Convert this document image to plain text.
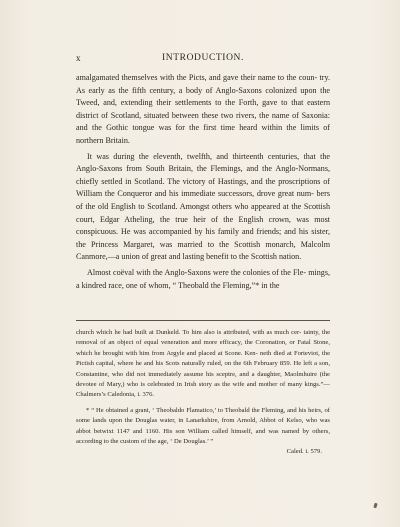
x	INTRODUCTION.

amalgamated themselves with the Picts, and gave their name to the coun- try. As early as the fifth century, a body of Anglo-Saxons colonized upon the Tweed, and, extending their settlements to the Forth, gave to that eastern district of Scotland, situated between these two rivers, the name of Saxonia: and the Gothic tongue was for the first time heard within the limits of northern Britain.

It was during the eleventh, twelfth, and thirteenth centuries, that the Anglo-Saxons from South Britain, the Flemings, and the Anglo-Normans, chiefly settled in Scotland. The victory of Hastings, and the proscriptions of William the Conqueror and his immediate successors, drove great num- bers of the old English to Scotland. Amongst others who appeared at the Scottish court, Edgar Atheling, the true heir of the English crown, was most conspicuous. He was accompanied by his family and friends; and his sister, the Princess Margaret, was married to the Scottish monarch, Malcolm Canmore,—a union of great and lasting benefit to the Scottish nation.

Almost coëval with the Anglo-Saxons were the colonies of the Fle- mings, a kindred race, one of whom, “ Theobald the Fleming,”* in the

church which he had built at Dunkeld. To him also is attributed, with as much cer- tainty, the removal of an object of equal veneration and more efficacy, the Coronation, or Fatal Stone, which he brought with him from Argyle and placed at Scone. Ken- neth died at Forteviot, the Pictish capital, where he and his Scots naturally ruled, on the 6th February 859. He left a son, Constantine, who did not immediately assume his sceptre, and a daughter, Maolmhuire (the devotee of Mary,) who is celebrated in Irish story as the wife and mother of many kings.”—Chalmers’s Caledonia, i. 376.

* “ He obtained a grant, ‘ Theobaldo Flamatico,’ to Theobald the Fleming, and his heirs, of some lands upon the Douglas water, in Lanarkshire, from Arnold, Abbot of Kelso, who was abbot betwixt 1147 and 1160. His son William called himself, and was named by others, according to the custom of the age, ‘ De Douglas.’ ”

Caled. i. 579.
